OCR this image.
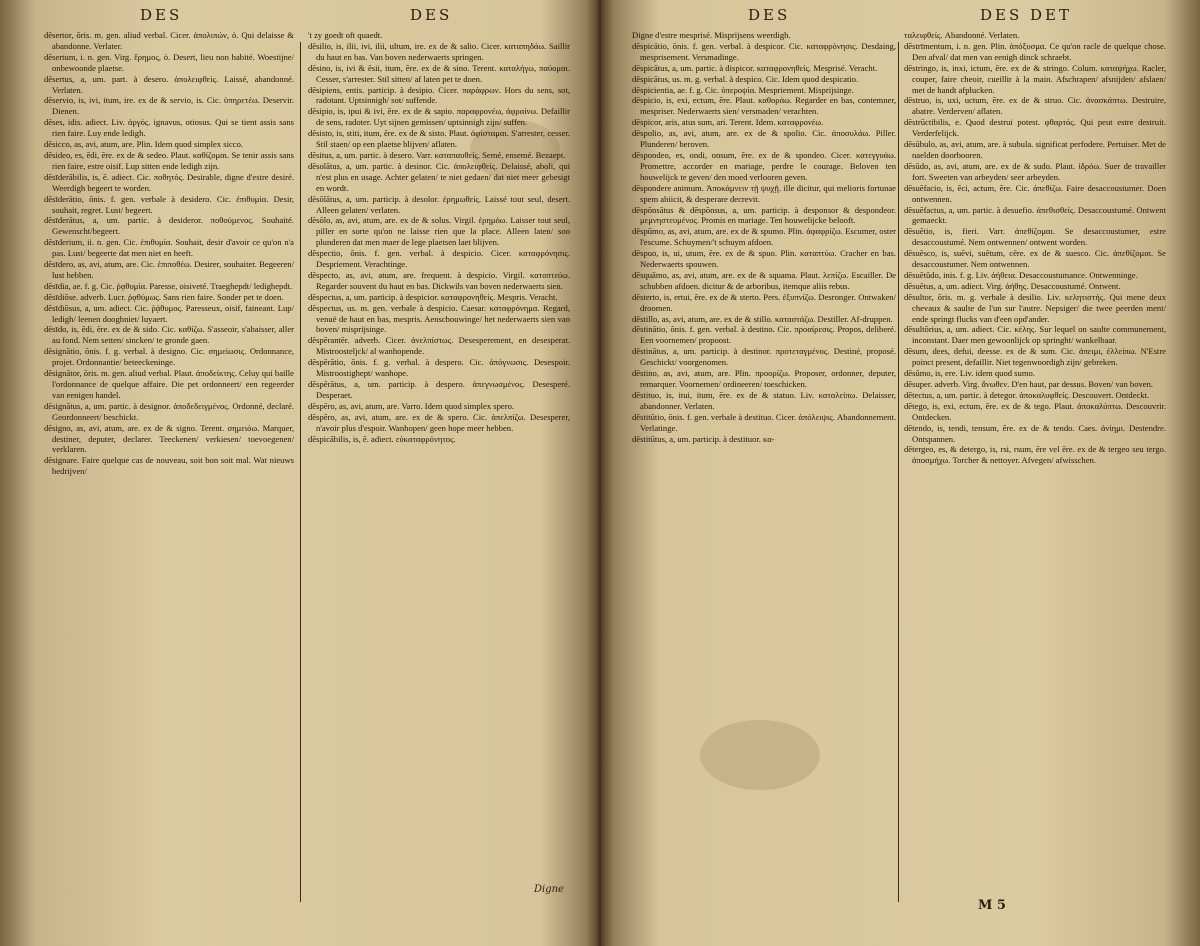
DES	DES

dēsertor, ōris. m. gen. aliud verbal. Cicer. ἀπολιπών, ὁ. Qui delaisse & abandonne. Verlater.

dēsertum, i. n. gen. Virg. ἔρημος, ὁ. Desert, lieu non habité. Woestijne/ onbewoonde plaetse.

dēsertus, a, um. part. à desero. ἀπολειφθείς. Laissé, abandonné. Verlaten.

dēservio, is, ivi, itum, ire. ex de & servio, is. Cic. ὑπηρετέω. Deservir. Dienen.

dēses, idis. adiect. Liv. ἀργός. ignavus, otiosus. Qui se tient assis sans rien faire. Luy ende ledigh.

dēsicco, as, avi, atum, are. Plin. Idem quod simplex sicco.

dēsideo, es, ēdi, ēre. ex de & sedeo. Plaut. καθίζομαι. Se tenir assis sans rien faire, estre oisif. Lup sitten ende ledigh zijn.

dēsīderābilis, is, ē. adiect. Cic. ποθητός. Desirable, digne d'estre desiré. Weerdigh begeert te worden.

dēsīderātio, ōnis. f. gen. verbale à desidero. Cic. ἐπιθυμία. Desir, souhait, regret. Lust/ begeert.

dēsīderātus, a, um. partic. à desideror. ποθούμενος. Souhaité. Gewenscht/begeert.

dēsīderium, ii. n. gen. Cic. ἐπιθυμία. Souhait, desir d'avoir ce qu'on n'a pas. Lust/ begeerte dat men niet en heeft.

dēsīdero, as, avi, atum, are. Cic. ἐπιποθέω. Desirer, souhaiter. Begeeren/ lust hebben.

dēsīdia, ae. f. g. Cic. ῥᾳθυμία. Paresse, oisiveté. Traeghepdt/ ledighepdt.

dēsīdiōse. adverb. Lucr. ῥᾳθύμως. Sans rien faire. Sonder pet te doen.

dēsīdiōsus, a, um. adiect. Cic. ῥᾴθυμος. Paresseux, oisif, faineant. Lup/ ledigh/ leenen dooghniet/ luyaert.

dēsīdo, is, ēdi, ēre. ex de & sido. Cic. καθίζω. S'asseoir, s'abaisser, aller au fond. Nem setten/ sincken/ te gronde gaen.

dēsignātio, ōnis. f. g. verbal. à designo. Cic. σημείωσις. Ordonnance, projet. Ordonnantie/ beteeckeninge.

dēsignātor, ōris. m. gen. aliud verbal. Plaut. ἀποδείκτης. Celuy qui baille l'ordonnance de quelque affaire. Die pet ordonneert/ een regeerder van eenigen handel.

dēsignātus, a, um. partic. à designor. ἀποδεδειγμένος. Ordonné, declaré. Geordonneert/ beschickt.

dēsigno, as, avi, atum, are. ex de & signo. Terent. σημειόω. Marquer, destiner, deputer, declarer. Teeckenen/ verkiesen/ toevoegenen/ verklaren.

dēsignare. Faire quelque cas de nouveau, soit bon soit mal. Wat nieuws bedrijven/

't zy goedt oft quaedt.

dēsilio, is, ilii, ivi, ilii, ultum, ire. ex de & salio. Cicer. καταπηδάω. Saillir du haut en bas. Van boven nederwaerts springen.

dēsino, is, ivi & ēsii, itum, ēre. ex de & sino. Terent. καταλήγω, παύομαι. Cesser, s'arrester. Stil sitten/ af laten pet te doen.

dēsipiens, entis. particip. à desipio. Cicer. παράφρων. Hors du sens, sot, radotant. Uptsinnigh/ sot/ suffende.

dēsipio, is, ipui & ivi, ēre. ex de & sapio. παραφρονέω, ἀφραίνω. Defaillir de sens, radoter. Uyt sijnen gemissen/ uptsinnigh zijn/ suffen.

dēsisto, is, stiti, itum, ēre. ex de & sisto. Plaut. ἀφίσταμαι. S'arrester, cesser. Stil staen/ op een plaetse blijven/ aflaten.

dēsitus, a, um. partic. à desero. Varr. καταπαυθείς. Semé, ensemé. Bezaept.

dēsolātus, a, um. partic. à desinor. Cic. ἀπολειφθείς. Delaissé, aboli, qui n'est plus en usage. Achter gelaten/ te niet gedaen/ dat niet meer gebesigt en wordt.

dēsōlātus, a, um. particip. à desolor. ἐρημωθείς. Laissé tout seul, desert. Alleen gelaten/ verlaten.

dēsōlo, as, avi, atum, are. ex de & solus. Virgil. ἐρημόω. Laisser tout seul, piller en sorte qu'on ne laisse rien que la place. Alleen laten/ soo plunderen dat men maer de lege plaetsen laet blijven.

dēspectio, ōnis. f. gen. verbal. à despicio. Cicer. καταφρόνησις. Despriement. Verachtinge.

dēspecto, as, avi, atum, are. frequent. à despicio. Virgil. κατοπτεύω. Regarder souvent du haut en bas. Dickwils van boven nederwaerts sien.

dēspectus, a, um. particip. à despicior. καταφρονηθείς. Mespris. Veracht.

dēspectus, us. m. gen. verbale à despicio. Caesar. καταφρόνημα. Regard, venuë de haut en bas, mespris. Aenschouwinge/ het nederwaerts sien van boven/ misprijsinge.

dēspērantēr. adverb. Cicer. ἀνελπίστως. Desesperement, en desesperat. Mistroosteljck/ al wanhopende.

dēspērātio, ōnis. f. g. verbal. à despero. Cic. ἀπόγνωσις. Desespoir. Mistroostighept/ wanhope.

dēspērātus, a, um. particip. à despero. ἀπεγνωσμένος. Desesperé. Desperaet.

dēspēro, as, avi, atum, are. Varro. Idem quod simplex spero.

dēspēro, as, avi, atum, are. ex de & spero. Cic. ἀπελπίζω. Desesperer, n'avoir plus d'espoir. Wanhopen/ geen hope meer hebben.

dēspicābilis, is, ē. adiect. εὐκαταφρόνητος.

Digne
DES	DES DET

Digne d'estre mesprisé. Misprijsens weerdigh.

dēspicātio, ōnis. f. gen. verbal. à despicor. Cic. καταφρόνησις. Desdaing, mesprisement. Versmadinge.

dēspicātus, a, um. partic. à dispicor. καταφρονηθείς. Mesprisé. Veracht.

dēspicātus, us. m. g. verbal. à despico. Cic. Idem quod despicatio.

dēspicientia, ae. f. g. Cic. ὑπεροψία. Mespriement. Misprijsinge.

dēspicio, is, exi, ectum, ēre. Plaut. καθοράω. Regarder en bas, contemner, mespriser. Nederwaerts sien/ versmaden/ verachten.

dēspicor, aris, atus sum, ari. Terent. Idem. καταφρονέω.

dēspolio, as, avi, atum, are. ex de & spolio. Cic. ἀποσυλάω. Piller. Plunderen/ beroven.

dēspondeo, es, ondi, onsum, ēre. ex de & spondeo. Cicer. κατεγγυάω. Promettre, accorder en mariage, perdre le courage. Beloven ten houwelijck te geven/ den moed verlooren geven.

dēspondere animum. Ἀποκάμνειν τῇ ψυχῇ. ille dicitur, qui melioris fortunae spem abiicit, & desperare decrevit.

dēspōnsātus & dēspōnsus, a, um. particip. à desponsor & despondeor. μεμνηστευμένος. Promis en mariage. Ten houwelijcke belooft.

dēspūmo, as, avi, atum, are. ex de & spumo. Plin. ἀφαφρίζω. Escumer, oster l'escume. Schuymen/'t schuym afdoen.

dēspuo, is, ui, utum, ēre. ex de & spuo. Plin. καταπτύω. Cracher en bas. Nederwaerts spouwen.

dēsquāmo, as, avi, atum, are. ex de & squama. Plaut. λεπίζω. Escailler. De schubben afdoen. dicitur & de arboribus, itemque aliis rebus.

dēsterto, is, ertui, ēre. ex de & sterto. Pers. ἐξυπνίζω. Desronger. Ontwaken/ droomen.

dēstillo, as, avi, atum, are. ex de & stillo. καταστάζω. Destiller. Af-druppen.

dēstinātio, ōnis. f. gen. verbal. à destino. Cic. προαίρεσις. Propos, deliberé. Een voornemen/ propoost.

dēstinātus, a, um. particip. à destinor. προτεταγμένος. Destiné, proposé. Geschickt/ voorgenomen.

dēstino, as, avi, atum, are. Plin. προορίζω. Proposer, ordonner, deputer, remarquer. Voornemen/ ordineeren/ toeschicken.

dēstituo, is, itui, itum, ēre. ex de & statuo. Liv. καταλείπω. Delaisser, abandonner. Verlaten.

dēstitūtio, ōnis. f. gen. verbale à destituo. Cicer. ἀπόλειψις. Abandonnement. Verlatinge.

dēstitūtus, a, um. particip. à destituor. κα-

ταλειφθείς. Abandonné. Verlaten.

dēstrīmentum, i. n. gen. Plin. ἀπόξυσμα. Ce qu'on racle de quelque chose. Den afval/ dat men van eenigh dinck schraebt.

dēstringo, is, inxi, ictum, ēre. ex de & stringo. Colum. καταψήχω. Racler, couper, faire cheoir, cueillir à la main. Afschrapen/ afsnijden/ afslaen/ met de handt afplucken.

dēstruo, is, uxi, uctum, ēre. ex de & struo. Cic. ἀνασκάπτω. Destruire, abatre. Verderven/ aflaten.

dēstrūctibilis, e. Quod destrui potest. φθαρτός. Qui peut estre destruit. Verderfelijck.

dēsūbulo, as, avi, atum, are. à subula. significat perfodere. Pertuiser. Met de naelden doorbooren.

dēsūdo, as, avi, atum, are. ex de & sudo. Plaut. ἱδρόω. Suer de travailler fort. Sweeten van arbeyden/ seer arbeyden.

dēsuēfacio, is, ēci, actum, ēre. Cic. ἀπεθίζω. Faire desaccoustumer. Doen ontwennen.

dēsuēfactus, a, um. partic. à desuefio. ἀπεθισθείς. Desaccoustumé. Ontwent gemaeckt.

dēsuētio, is, fieri. Varr. ἀπεθίζομαι. Se desaccoustumer, estre desaccoustumé. Nem ontwennen/ ontwent worden.

dēsuēsco, is, suēvi, suētum, cēre. ex de & suesco. Cic. ἀπεθίζομαι. Se desaccoustumer. Nem ontwennen.

dēsuētūdo, inis. f. g. Liv. ἀήθεια. Desaccoustumance. Ontwenninge.

dēsuētus, a, um. adiect. Virg. ἀήθης. Desaccoustumé. Ontwent.

dēsultor, ōris. m. g. verbale à desilio. Liv. κελητιστής. Qui mene deux chevaux & saulte de l'un sur l'autre. Nepsiger/ die twee peerden ment/ ende springt flucks van d'een opd'ander.

dēsultōrius, a, um. adiect. Cic. κέλης. Sur lequel on saulte communement, inconstant. Daer men gewoonlijck op springht/ wankelbaar.

dēsum, dees, defui, deesse. ex de & sum. Cic. ἀπειμι, ἐλλείπω. N'Estre poinct present, defaillir. Niet tegenwoordigh zijn/ gebreken.

dēsūmo, is, ere. Liv. idem quod sumo.

dēsuper. adverb. Virg. ἄνωθεν. D'en haut, par dessus. Boven/ van boven.

dētectus, a, um. partic. à detegor. ἀποκαλυφθείς. Descouvert. Ontdeckt.

dētego, is, exi, ectum, ēre. ex de & tego. Plaut. ἀποκαλύπτω. Descouvrir. Ontdecken.

dētendo, is, tendi, tensum, ēre. ex de & tendo. Caes. ἀνίημι. Destendre. Ontspannen.

dētergeo, es, & detergo, is, rsi, rsum, ēre vel ēre. ex de & tergeo seu tergo. ἀποσμήχω. Torcher & nettoyer. Afvegen/ afwisschen.

M 5
